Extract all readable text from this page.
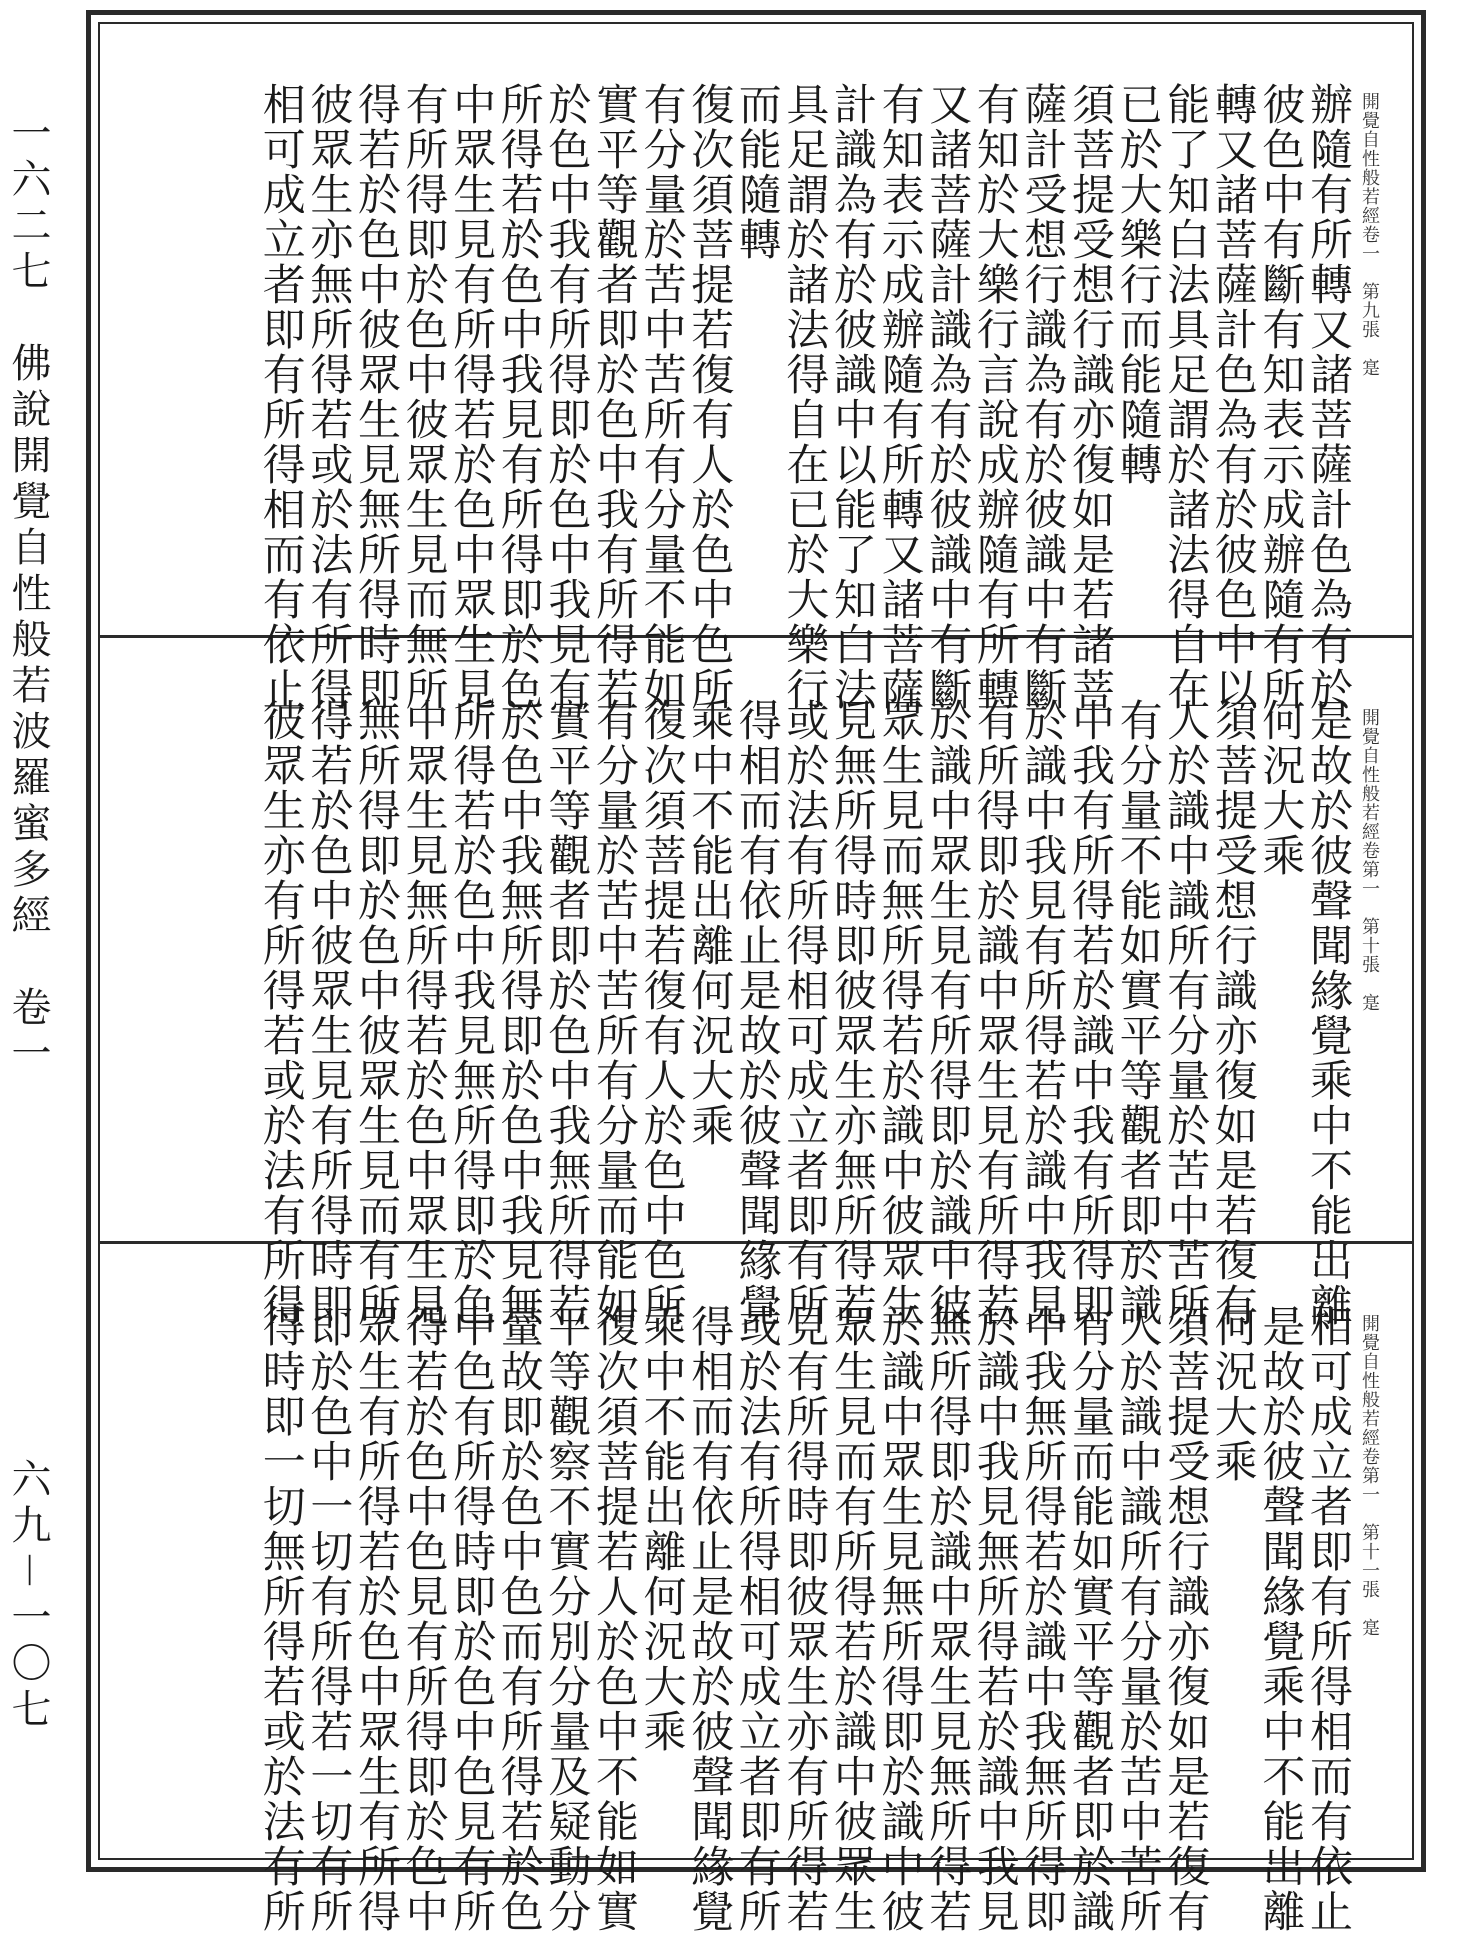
一六二七　佛說開覺自性般若波羅蜜多經　卷一
六九－一〇七
開覺自性般若經卷一　第九張　寔
辦隨有所轉又諸菩薩計色為有於
彼色中有斷有知表示成辦隨有所
轉又諸菩薩計色為有於彼色中以
能了知白法具足謂於諸法得自在
已於大樂行而能隨轉
須菩提受想行識亦復如是若諸菩
薩計受想行識為有於彼識中有斷
有知於大樂行言說成辦隨有所轉
又諸菩薩計識為有於彼識中有斷
有知表示成辦隨有所轉又諸菩薩
計識為有於彼識中以能了知白法
具足謂於諸法得自在已於大樂行
而能隨轉
復次須菩提若復有人於色中色所
有分量於苦中苦所有分量不能如
實平等觀者即於色中我有所得若
於色中我有所得即於色中我見有
所得若於色中我見有所得即於色
中眾生見有所得若於色中眾生見
有所得即於色中彼眾生見而無所
得若於色中彼眾生見無所得時即
彼眾生亦無所得若或於法有所得
相可成立者即有所得相而有依止
開覺自性般若經卷第一　第十張　寔
是故於彼聲聞緣覺乘中不能出離
何況大乘
須菩提受想行識亦復如是若復有
人於識中識所有分量於苦中苦所
有分量不能如實平等觀者即於識
中我有所得若於識中我有所得即
於識中我見有所得若於識中我見
有所得即於識中眾生見有所得若
於識中眾生見有所得即於識中彼
眾生見而無所得若於識中彼眾生
見無所得時即彼眾生亦無所得若
或於法有所得相可成立者即有所
得相而有依止是故於彼聲聞緣覺
乘中不能出離何況大乘
復次須菩提若復有人於色中色所
有分量於苦中苦所有分量而能如
實平等觀者即於色中我無所得若
於色中我無所得即於色中我見無
所得若於色中我見無所得即於色
中眾生見無所得若於色中眾生見
無所得即於色中彼眾生見而有所
得若於色中彼眾生見有所得時即
彼眾生亦有所得若或於法有所得
開覺自性般若經卷第一　第十一張　寔
相可成立者即有所得相而有依止
是故於彼聲聞緣覺乘中不能出離
何況大乘
須菩提受想行識亦復如是若復有
人於識中識所有分量於苦中苦所
有分量而能如實平等觀者即於識
中我無所得若於識中我無所得即
於識中我見無所得若於識中我見
無所得即於識中眾生見無所得若
於識中眾生見無所得即於識中彼
眾生見而有所得若於識中彼眾生
見有所得時即彼眾生亦有所得若
或於法有所得相可成立者即有所
得相而有依止是故於彼聲聞緣覺
乘中不能出離何況大乘
復次須菩提若人於色中不能如實
平等觀察不實分別分量及疑動分
量故即於色中色而有所得若於色
中色有所得時即於色中色見有所
得若於色中色見有所得即於色中
眾生有所得若於色中眾生有所得
即於色中一切有所得若一切有所
得時即一切無所得若或於法有所
